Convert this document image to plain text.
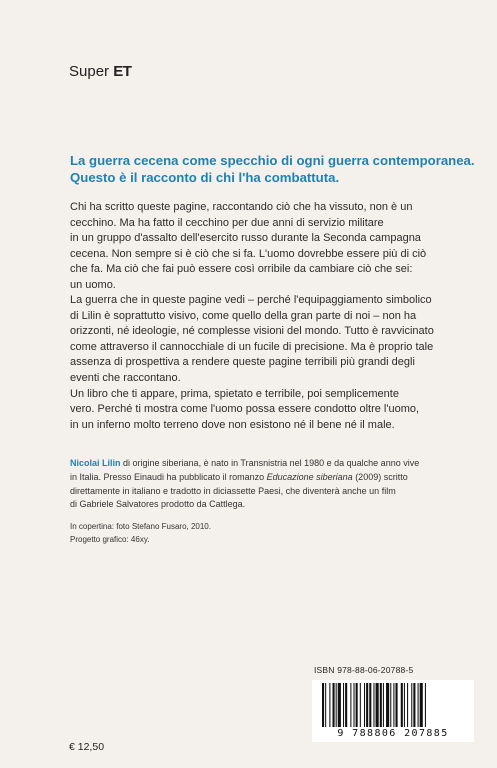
Super ET
La guerra cecena come specchio di ogni guerra contemporanea.
Questo è il racconto di chi l'ha combattuta.
Chi ha scritto queste pagine, raccontando ciò che ha vissuto, non è un
cecchino. Ma ha fatto il cecchino per due anni di servizio militare
in un gruppo d'assalto dell'esercito russo durante la Seconda campagna
cecena. Non sempre si è ciò che si fa. L'uomo dovrebbe essere più di ciò
che fa. Ma ciò che fai può essere così orribile da cambiare ciò che sei:
un uomo.
La guerra che in queste pagine vedi – perché l'equipaggiamento simbolico
di Lilin è soprattutto visivo, come quello della gran parte di noi – non ha
orizzonti, né ideologie, né complesse visioni del mondo. Tutto è ravvicinato
come attraverso il cannocchiale di un fucile di precisione. Ma è proprio tale
assenza di prospettiva a rendere queste pagine terribili più grandi degli
eventi che raccontano.
Un libro che ti appare, prima, spietato e terribile, poi semplicemente
vero. Perché ti mostra come l'uomo possa essere condotto oltre l'uomo,
in un inferno molto terreno dove non esistono né il bene né il male.
Nicolai Lilin di origine siberiana, è nato in Transnistria nel 1980 e da qualche anno vive
in Italia. Presso Einaudi ha pubblicato il romanzo Educazione siberiana (2009) scritto
direttamente in italiano e tradotto in diciassette Paesi, che diventerà anche un film
di Gabriele Salvatores prodotto da Cattlega.
In copertina: foto Stefano Fusaro, 2010.
Progetto grafico: 46xy.
ISBN 978-88-06-20788-5
9 788806 207885
€ 12,50
